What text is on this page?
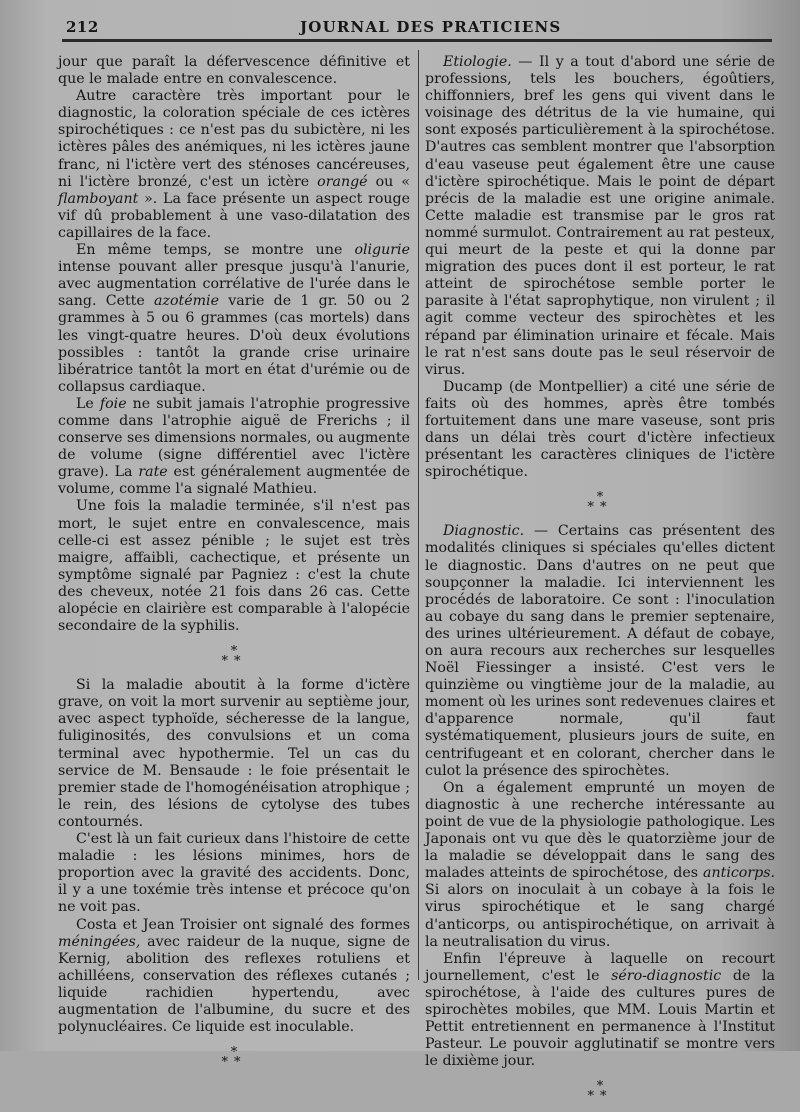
212	JOURNAL DES PRATICIENS

jour que paraît la défervescence définitive et que le malade entre en convalescence.

Autre caractère très important pour le diagnostic, la coloration spéciale de ces ictères spirochétiques : ce n'est pas du subictère, ni les ictères pâles des anémiques, ni les ictères jaune franc, ni l'ictère vert des sténoses cancéreuses, ni l'ictère bronzé, c'est un ictère orangé ou « flamboyant ». La face présente un aspect rouge vif dû probablement à une vaso-dilatation des capillaires de la face.

En même temps, se montre une oligurie intense pouvant aller presque jusqu'à l'anurie, avec augmentation corrélative de l'urée dans le sang. Cette azotémie varie de 1 gr. 50 ou 2 grammes à 5 ou 6 grammes (cas mortels) dans les vingt-quatre heures. D'où deux évolutions possibles : tantôt la grande crise urinaire libératrice tantôt la mort en état d'urémie ou de collapsus cardiaque.

Le foie ne subit jamais l'atrophie progressive comme dans l'atrophie aiguë de Frerichs ; il conserve ses dimensions normales, ou augmente de volume (signe différentiel avec l'ictère grave). La rate est généralement augmentée de volume, comme l'a signalé Mathieu.

Une fois la maladie terminée, s'il n'est pas mort, le sujet entre en convalescence, mais celle-ci est assez pénible ; le sujet est très maigre, affaibli, cachectique, et présente un symptôme signalé par Pagniez : c'est la chute des cheveux, notée 21 fois dans 26 cas. Cette alopécie en clairière est comparable à l'alopécie secondaire de la syphilis.

*
**

Si la maladie aboutit à la forme d'ictère grave, on voit la mort survenir au septième jour, avec aspect typhoïde, sécheresse de la langue, fuliginosités, des convulsions et un coma terminal avec hypothermie. Tel un cas du service de M. Bensaude : le foie présentait le premier stade de l'homogénéisation atrophique ; le rein, des lésions de cytolyse des tubes contournés.

C'est là un fait curieux dans l'histoire de cette maladie : les lésions minimes, hors de proportion avec la gravité des accidents. Donc, il y a une toxémie très intense et précoce qu'on ne voit pas.

Costa et Jean Troisier ont signalé des formes méningées, avec raideur de la nuque, signe de Kernig, abolition des reflexes rotuliens et achilléens, conservation des réflexes cutanés ; liquide rachidien hypertendu, avec augmentation de l'albumine, du sucre et des polynucléaires. Ce liquide est inoculable.

*
**

Etiologie. — Il y a tout d'abord une série de professions, tels les bouchers, égoûtiers, chiffonniers, bref les gens qui vivent dans le voisinage des détritus de la vie humaine, qui sont exposés particulièrement à la spirochétose. D'autres cas semblent montrer que l'absorption d'eau vaseuse peut également être une cause d'ictère spirochétique. Mais le point de départ précis de la maladie est une origine animale. Cette maladie est transmise par le gros rat nommé surmulot. Contrairement au rat pesteux, qui meurt de la peste et qui la donne par migration des puces dont il est porteur, le rat atteint de spirochétose semble porter le parasite à l'état saprophytique, non virulent ; il agit comme vecteur des spirochètes et les répand par élimination urinaire et fécale. Mais le rat n'est sans doute pas le seul réservoir de virus.

Ducamp (de Montpellier) a cité une série de faits où des hommes, après être tombés fortuitement dans une mare vaseuse, sont pris dans un délai très court d'ictère infectieux présentant les caractères cliniques de l'ictère spirochétique.

*
**

Diagnostic. — Certains cas présentent des modalités cliniques si spéciales qu'elles dictent le diagnostic. Dans d'autres on ne peut que soupçonner la maladie. Ici interviennent les procédés de laboratoire. Ce sont : l'inoculation au cobaye du sang dans le premier septenaire, des urines ultérieurement. A défaut de cobaye, on aura recours aux recherches sur lesquelles Noël Fiessinger a insisté. C'est vers le quinzième ou vingtième jour de la maladie, au moment où les urines sont redevenues claires et d'apparence normale, qu'il faut systématiquement, plusieurs jours de suite, en centrifugeant et en colorant, chercher dans le culot la présence des spirochètes.

On a également emprunté un moyen de diagnostic à une recherche intéressante au point de vue de la physiologie pathologique. Les Japonais ont vu que dès le quatorzième jour de la maladie se développait dans le sang des malades atteints de spirochétose, des anticorps. Si alors on inoculait à un cobaye à la fois le virus spirochétique et le sang chargé d'anticorps, ou antispirochétique, on arrivait à la neutralisation du virus.

Enfin l'épreuve à laquelle on recourt journellement, c'est le séro-diagnostic de la spirochétose, à l'aide des cultures pures de spirochètes mobiles, que MM. Louis Martin et Pettit entretiennent en permanence à l'Institut Pasteur. Le pouvoir agglutinatif se montre vers le dixième jour.

*
**
